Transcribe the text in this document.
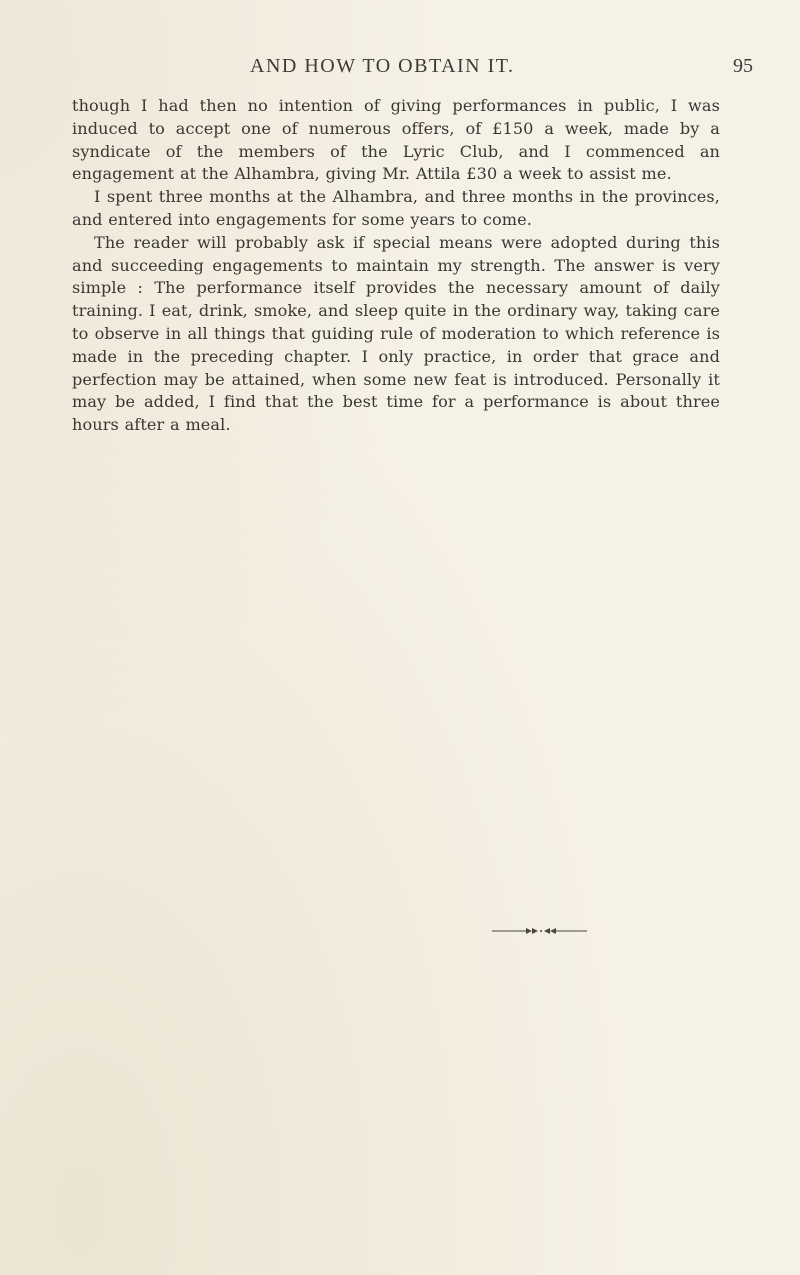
AND HOW TO OBTAIN IT.	95

though I had then no intention of giving performances in public, I was induced to accept one of numerous offers, of £150 a week, made by a syndicate of the members of the Lyric Club, and I commenced an engagement at the Alhambra, giving Mr. Attila £30 a week to assist me.

I spent three months at the Alhambra, and three months in the provinces, and entered into engagements for some years to come.

The reader will probably ask if special means were adopted during this and succeeding engagements to maintain my strength. The answer is very simple : The performance itself provides the necessary amount of daily training. I eat, drink, smoke, and sleep quite in the ordinary way, taking care to observe in all things that guiding rule of moderation to which reference is made in the preceding chapter. I only practice, in order that grace and perfection may be attained, when some new feat is introduced. Personally it may be added, I find that the best time for a performance is about three hours after a meal.
